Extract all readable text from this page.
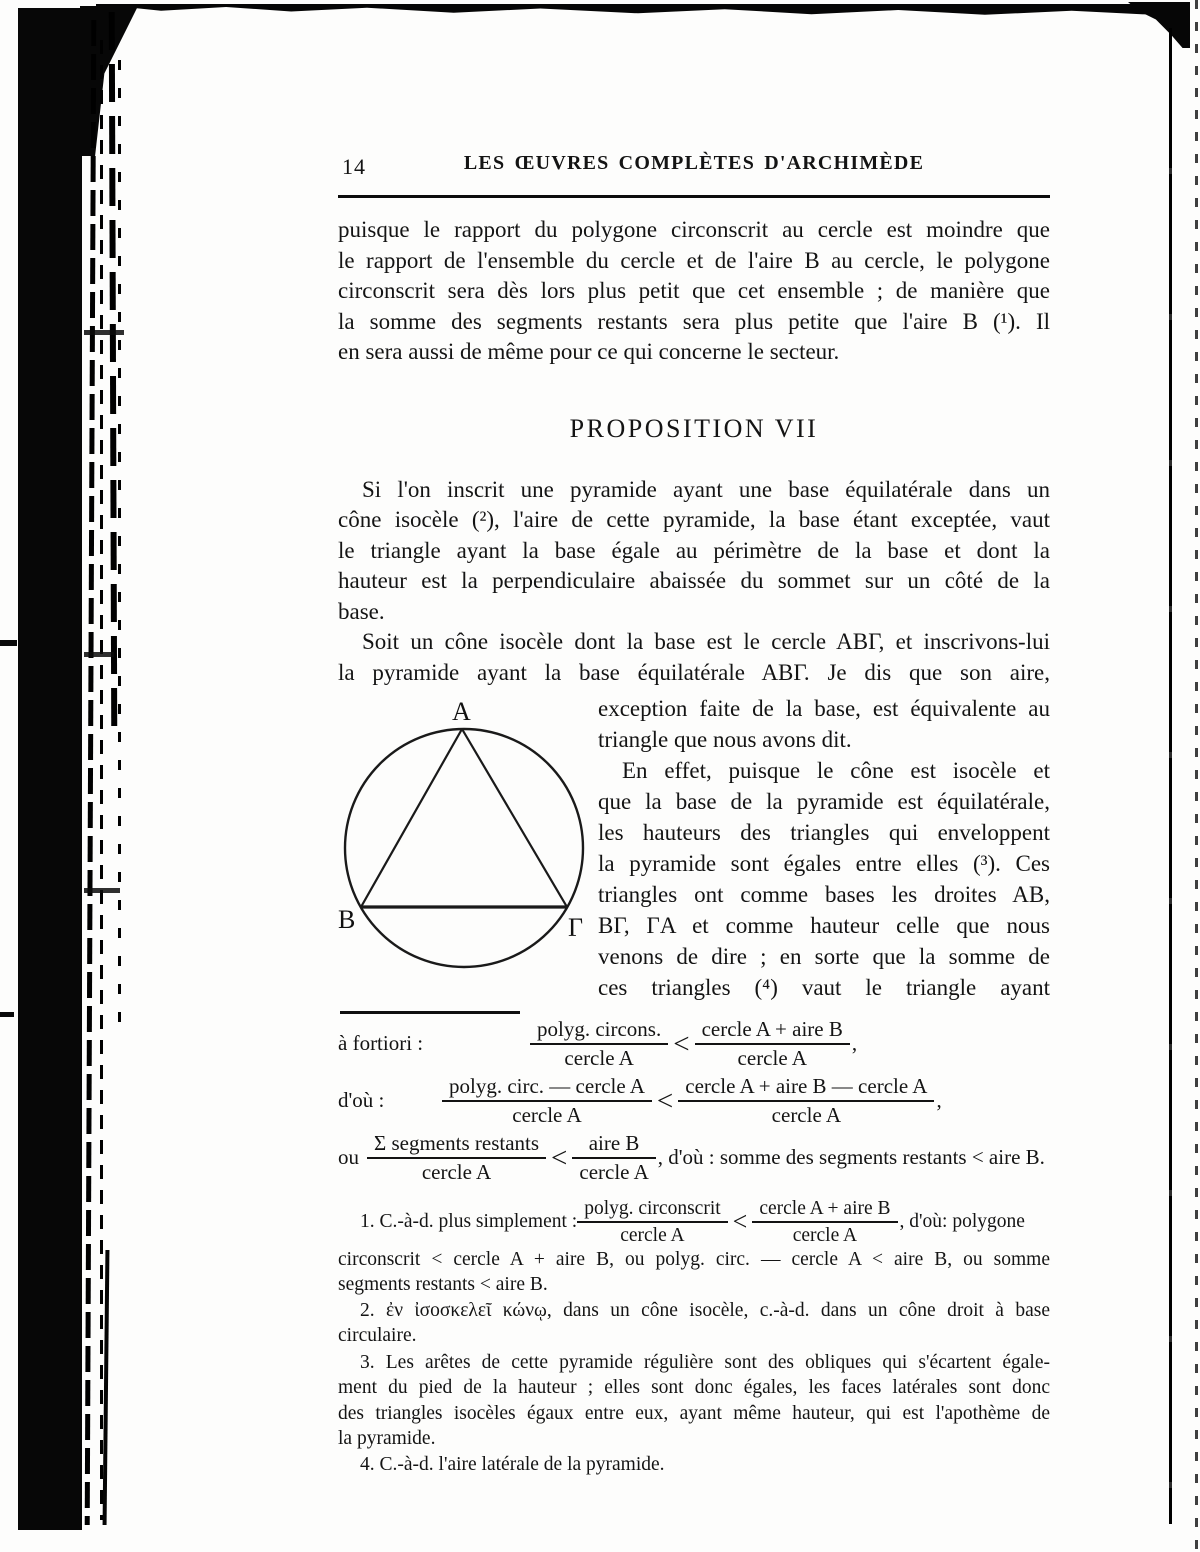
14	LES ŒUVRES COMPLÈTES D'ARCHIMÈDE

puisque le rapport du polygone circonscrit au cercle est moindre que
le rapport de l'ensemble du cercle et de l'aire B au cercle, le polygone
circonscrit sera dès lors plus petit que cet ensemble ; de manière que
la somme des segments restants sera plus petite que l'aire B (¹). Il
en sera aussi de même pour ce qui concerne le secteur.

PROPOSITION VII

Si l'on inscrit une pyramide ayant une base équilatérale dans un
cône isocèle (²), l'aire de cette pyramide, la base étant exceptée, vaut
le triangle ayant la base égale au périmètre de la base et dont la
hauteur est la perpendiculaire abaissée du sommet sur un côté de la
base.

Soit un cône isocèle dont la base est le cercle ABΓ, et inscrivons-lui
la pyramide ayant la base équilatérale ABΓ. Je dis que son aire,

A
B	Γ
exception faite de la base, est équivalente au
triangle que nous avons dit.
En effet, puisque le cône est isocèle et
que la base de la pyramide est équilatérale,
les hauteurs des triangles qui enveloppent
la pyramide sont égales entre elles (³). Ces
triangles ont comme bases les droites AB,
BΓ, ΓA et comme hauteur celle que nous
venons de dire ; en sorte que la somme de
ces triangles (⁴) vaut le triangle ayant
à fortiori :	$\frac{\text{polyg. circons.}}{\text{cercle A}} < \frac{\text{cercle A + aire B}}{\text{cercle A}}$ ,
d'où :	$\frac{\text{polyg. circ. — cercle A}}{\text{cercle A}} < \frac{\text{cercle A + aire B — cercle A}}{\text{cercle A}}$ ,
ou $\frac{\text{Σ segments restants}}{\text{cercle A}} < \frac{\text{aire B}}{\text{cercle A}}$ , d'où : somme des segments restants < aire B.
1. C.-à-d. plus simplement : $\frac{\text{polyg. circonscrit}}{\text{cercle A}} < \frac{\text{cercle A + aire B}}{\text{cercle A}}$ , d'où: polygone
circonscrit < cercle A + aire B, ou polyg. circ. — cercle A < aire B, ou somme
segments restants < aire B.
2. ἐν ἰσοσκελεῖ κώνῳ, dans un cône isocèle, c.-à-d. dans un cône droit à base
circulaire.
3. Les arêtes de cette pyramide régulière sont des obliques qui s'écartent égale-
ment du pied de la hauteur ; elles sont donc égales, les faces latérales sont donc
des triangles isocèles égaux entre eux, ayant même hauteur, qui est l'apothème de
la pyramide.
4. C.-à-d. l'aire latérale de la pyramide.
